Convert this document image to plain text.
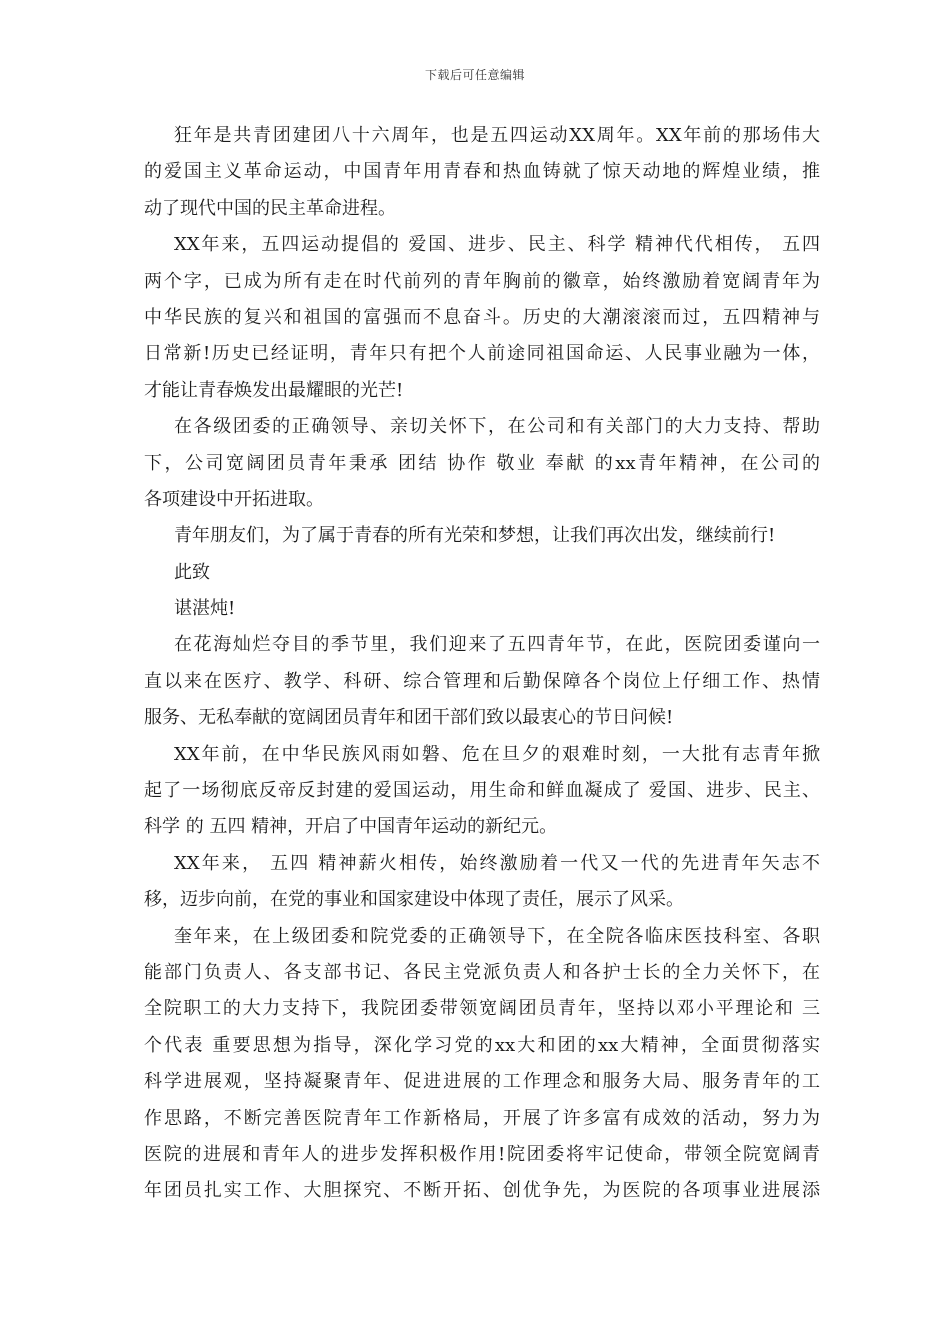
下载后可任意编辑
狂年是共青团建团八十六周年，也是五四运动XX周年。XX年前的那场伟大
的爱国主义革命运动，中国青年用青春和热血铸就了惊天动地的辉煌业绩，推
动了现代中国的民主革命进程。
XX年来，五四运动提倡的 爱国、进步、民主、科学 精神代代相传， 五四
两个字，已成为所有走在时代前列的青年胸前的徽章，始终激励着宽阔青年为
中华民族的复兴和祖国的富强而不息奋斗。历史的大潮滚滚而过，五四精神与
日常新!历史已经证明，青年只有把个人前途同祖国命运、人民事业融为一体，
才能让青春焕发出最耀眼的光芒!
在各级团委的正确领导、亲切关怀下，在公司和有关部门的大力支持、帮助
下，公司宽阔团员青年秉承 团结 协作 敬业 奉献 的xx青年精神，在公司的
各项建设中开拓进取。
青年朋友们，为了属于青春的所有光荣和梦想，让我们再次出发，继续前行!
此致
谌湛炖!
在花海灿烂夺目的季节里，我们迎来了五四青年节，在此，医院团委谨向一
直以来在医疗、教学、科研、综合管理和后勤保障各个岗位上仔细工作、热情
服务、无私奉献的宽阔团员青年和团干部们致以最衷心的节日问候!
XX年前，在中华民族风雨如磐、危在旦夕的艰难时刻，一大批有志青年掀
起了一场彻底反帝反封建的爱国运动，用生命和鲜血凝成了 爱国、进步、民主、
科学 的 五四 精神，开启了中国青年运动的新纪元。
XX年来， 五四 精神薪火相传，始终激励着一代又一代的先进青年矢志不
移，迈步向前，在党的事业和国家建设中体现了责任，展示了风采。
奎年来，在上级团委和院党委的正确领导下，在全院各临床医技科室、各职
能部门负责人、各支部书记、各民主党派负责人和各护士长的全力关怀下，在
全院职工的大力支持下，我院团委带领宽阔团员青年，坚持以邓小平理论和 三
个代表 重要思想为指导，深化学习党的xx大和团的xx大精神，全面贯彻落实
科学进展观，坚持凝聚青年、促进进展的工作理念和服务大局、服务青年的工
作思路，不断完善医院青年工作新格局，开展了许多富有成效的活动，努力为
医院的进展和青年人的进步发挥积极作用!院团委将牢记使命，带领全院宽阔青
年团员扎实工作、大胆探究、不断开拓、创优争先，为医院的各项事业进展添
